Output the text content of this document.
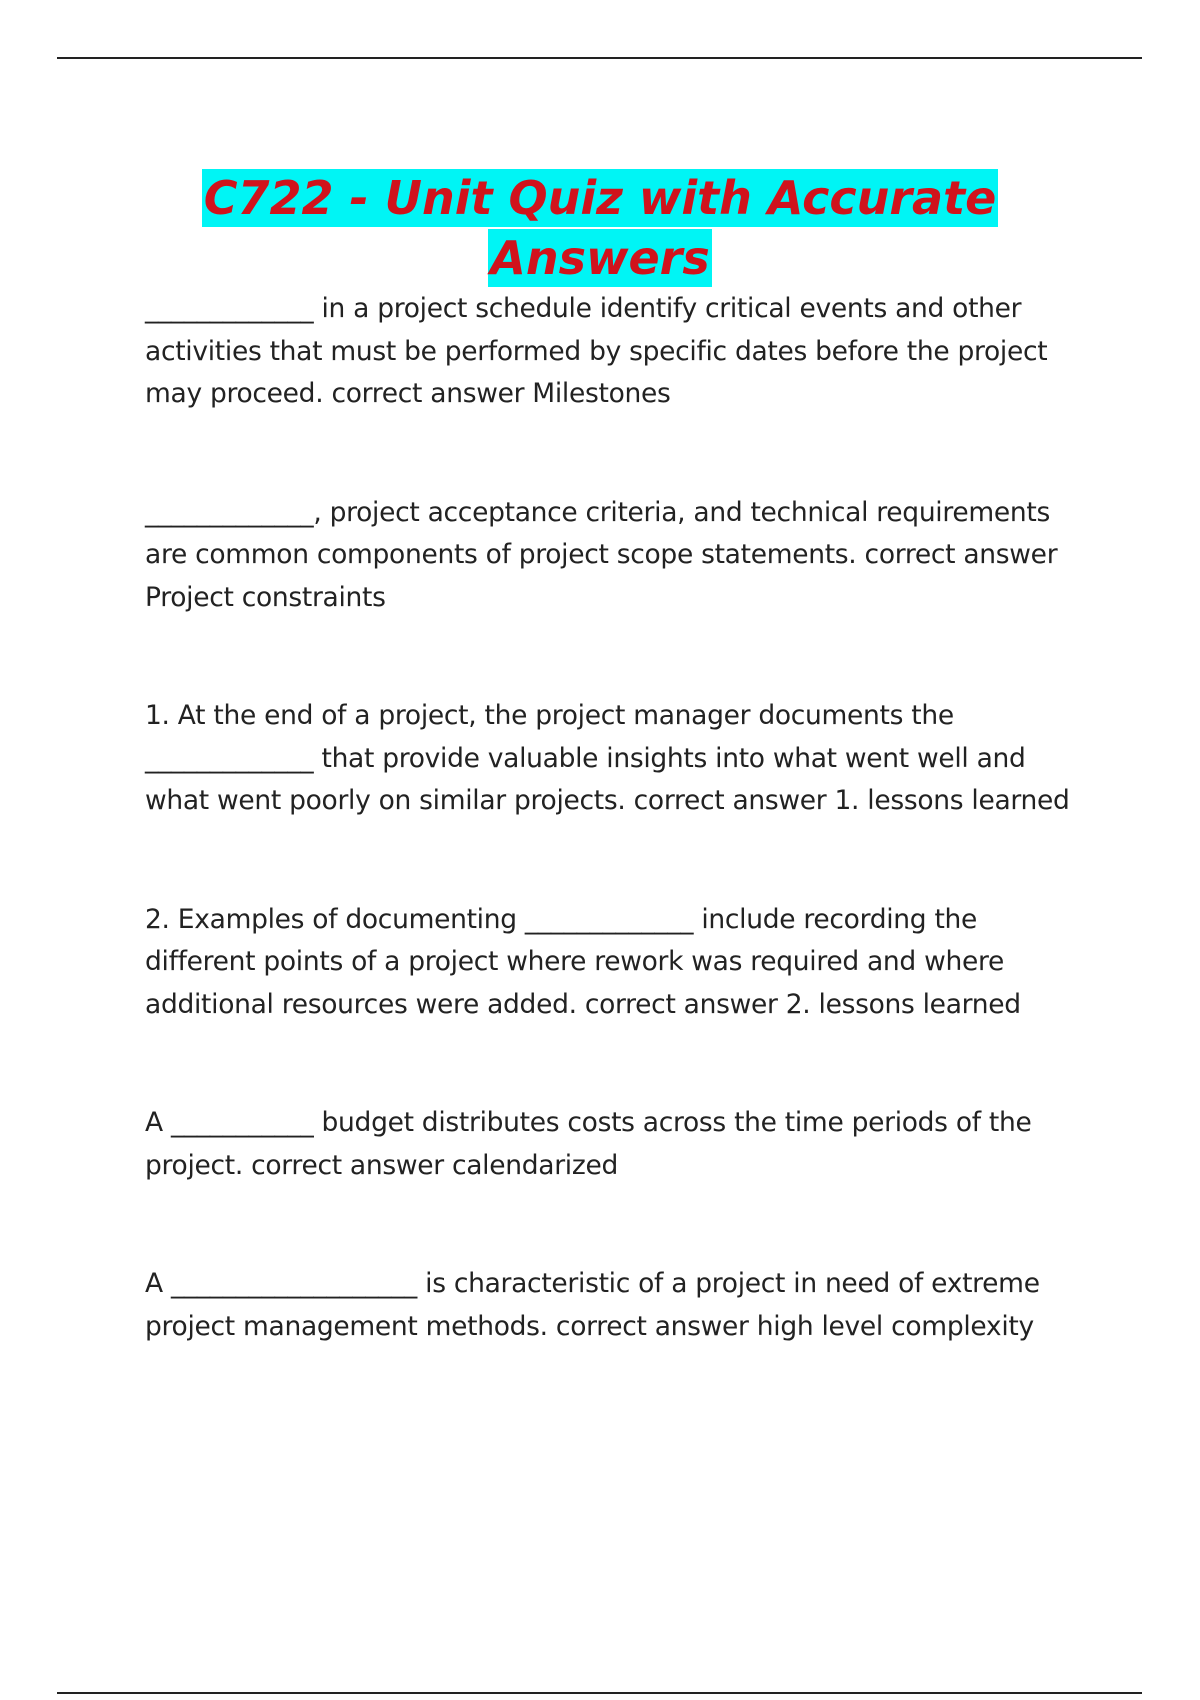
C722 - Unit Quiz with Accurate
Answers

_____________ in a project schedule identify critical events and other
activities that must be performed by specific dates before the project
may proceed. correct answer Milestones

_____________, project acceptance criteria, and technical requirements
are common components of project scope statements. correct answer
Project constraints

1. At the end of a project, the project manager documents the
_____________ that provide valuable insights into what went well and
what went poorly on similar projects. correct answer 1. lessons learned

2. Examples of documenting _____________ include recording the
different points of a project where rework was required and where
additional resources were added. correct answer 2. lessons learned

A ___________ budget distributes costs across the time periods of the
project. correct answer calendarized

A ___________________ is characteristic of a project in need of extreme
project management methods. correct answer high level complexity
